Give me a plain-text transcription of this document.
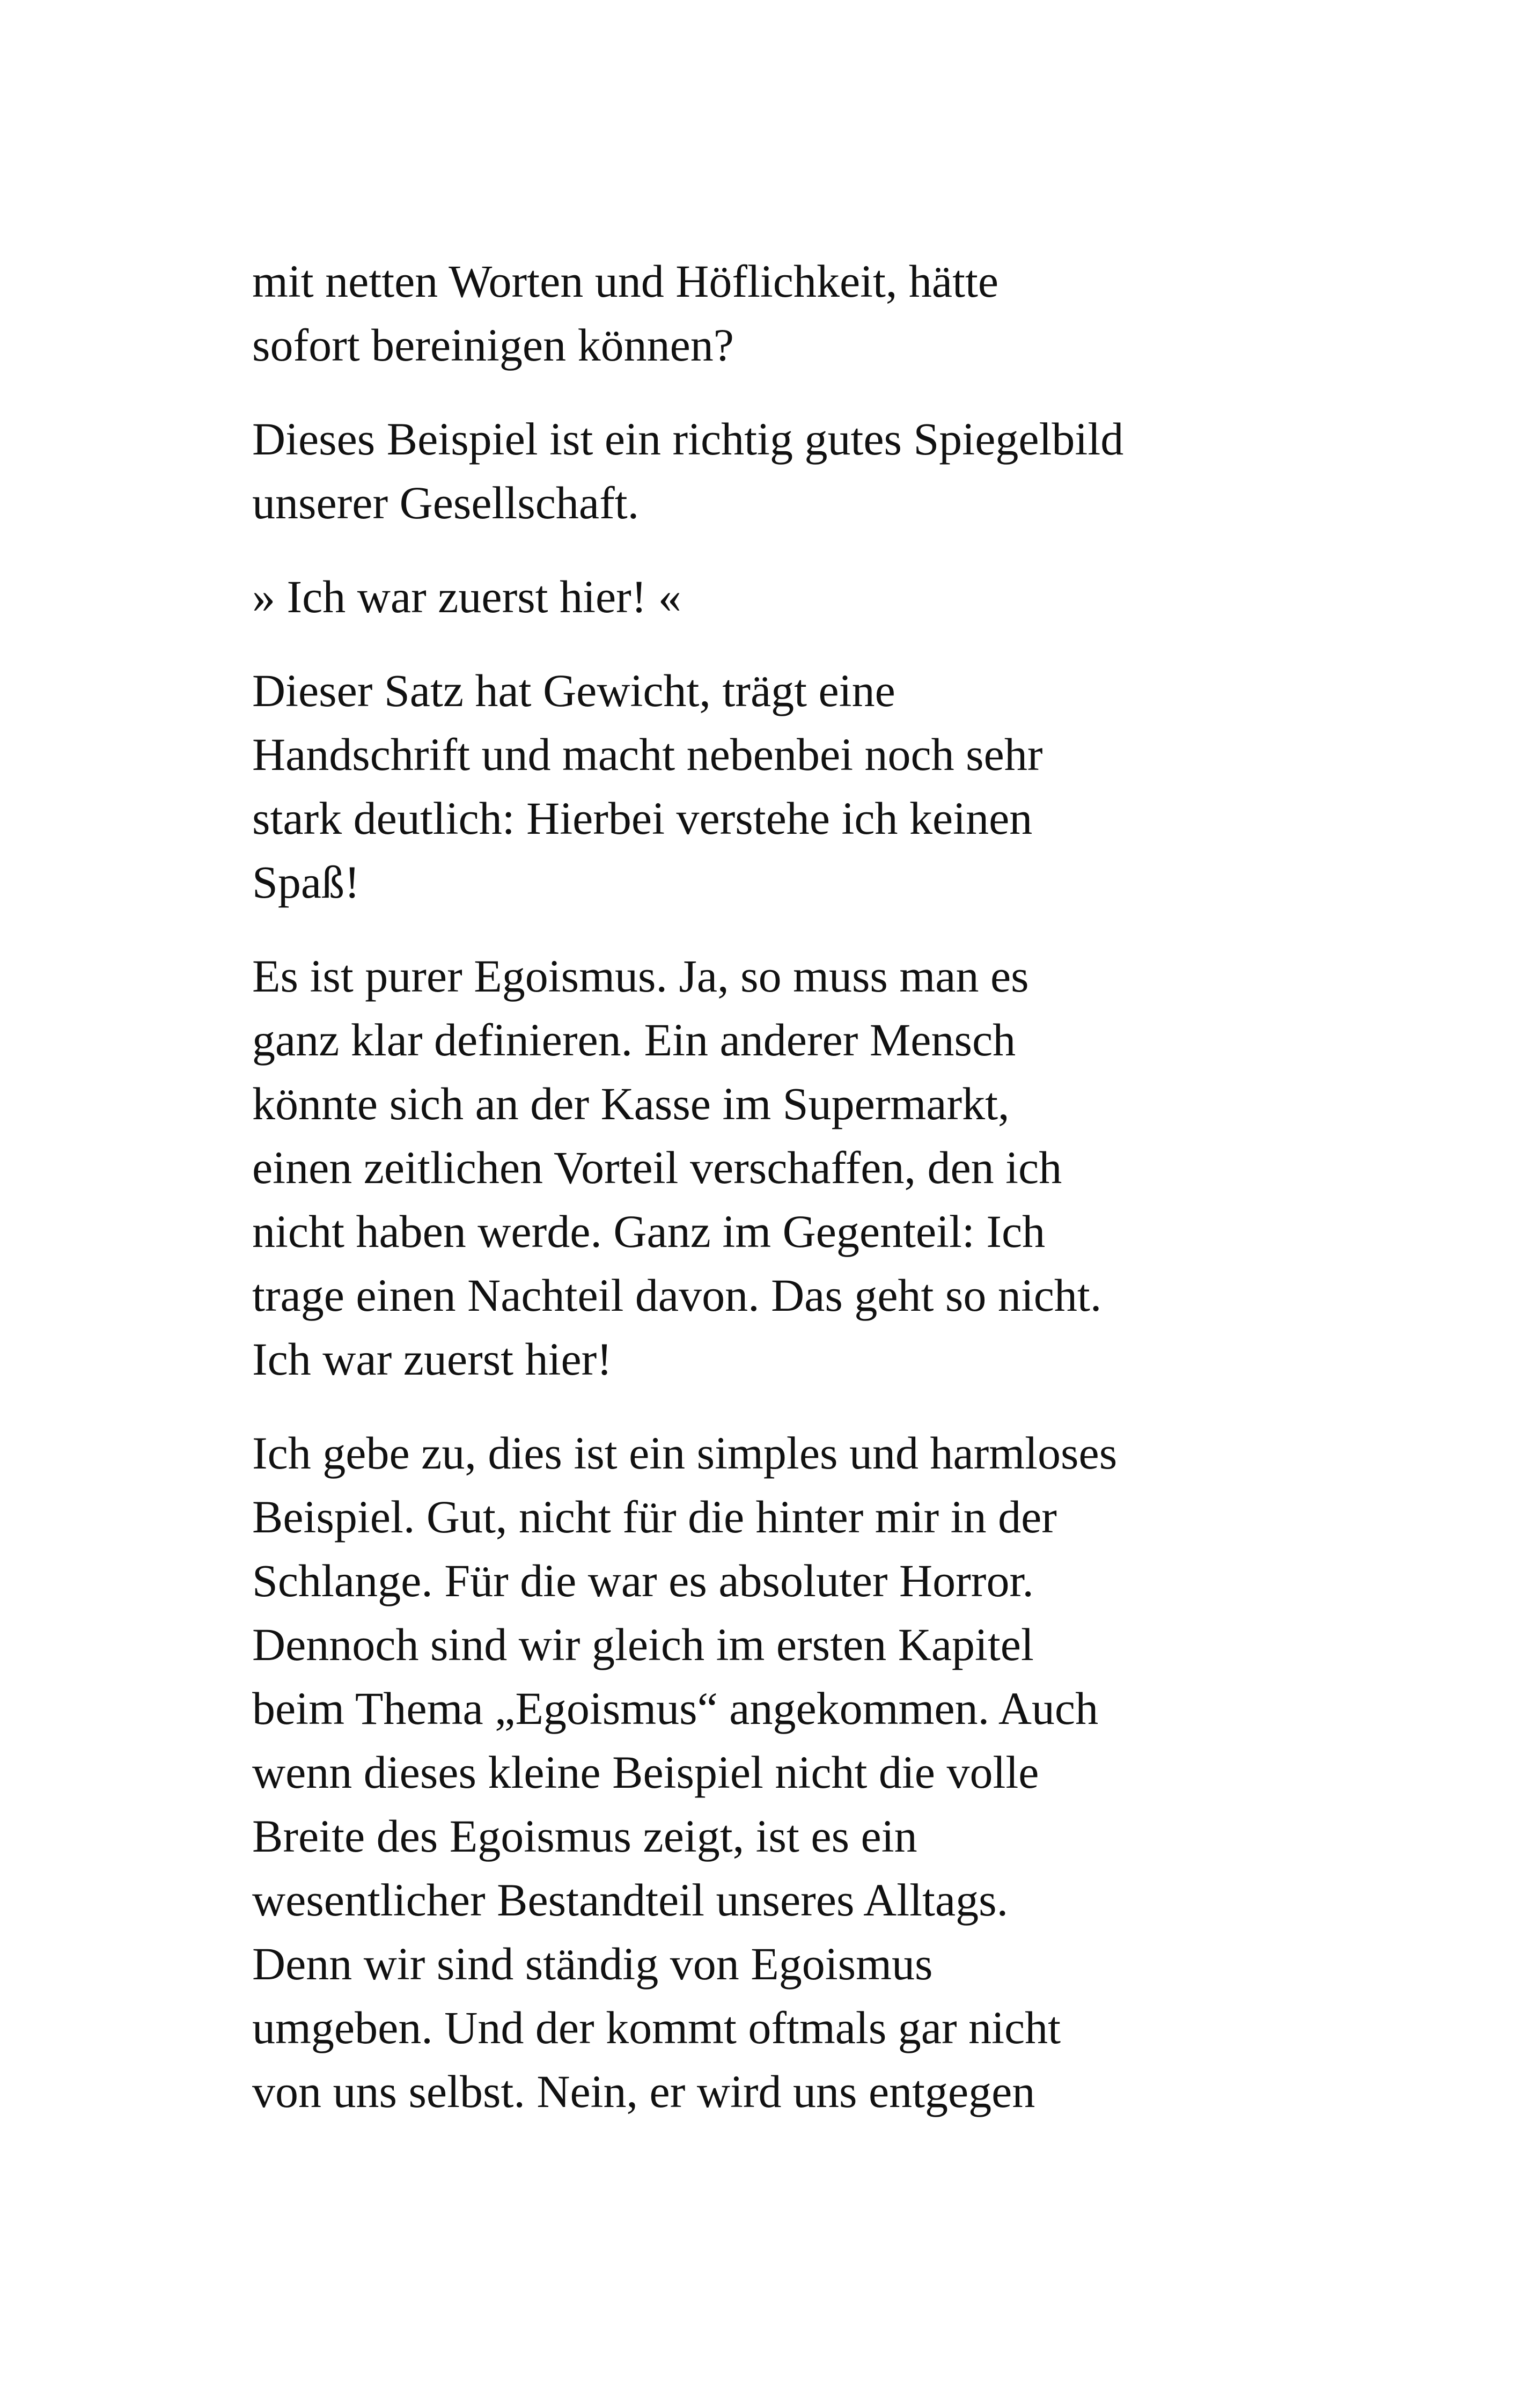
mit netten Worten und Höflichkeit, hätte
sofort bereinigen können?
Dieses Beispiel ist ein richtig gutes Spiegelbild
unserer Gesellschaft.
» Ich war zuerst hier! «
Dieser Satz hat Gewicht, trägt eine
Handschrift und macht nebenbei noch sehr
stark deutlich: Hierbei verstehe ich keinen
Spaß!
Es ist purer Egoismus. Ja, so muss man es
ganz klar definieren. Ein anderer Mensch
könnte sich an der Kasse im Supermarkt,
einen zeitlichen Vorteil verschaffen, den ich
nicht haben werde. Ganz im Gegenteil: Ich
trage einen Nachteil davon. Das geht so nicht.
Ich war zuerst hier!
Ich gebe zu, dies ist ein simples und harmloses
Beispiel. Gut, nicht für die hinter mir in der
Schlange. Für die war es absoluter Horror.
Dennoch sind wir gleich im ersten Kapitel
beim Thema „Egoismus“ angekommen. Auch
wenn dieses kleine Beispiel nicht die volle
Breite des Egoismus zeigt, ist es ein
wesentlicher Bestandteil unseres Alltags.
Denn wir sind ständig von Egoismus
umgeben. Und der kommt oftmals gar nicht
von uns selbst. Nein, er wird uns entgegen
